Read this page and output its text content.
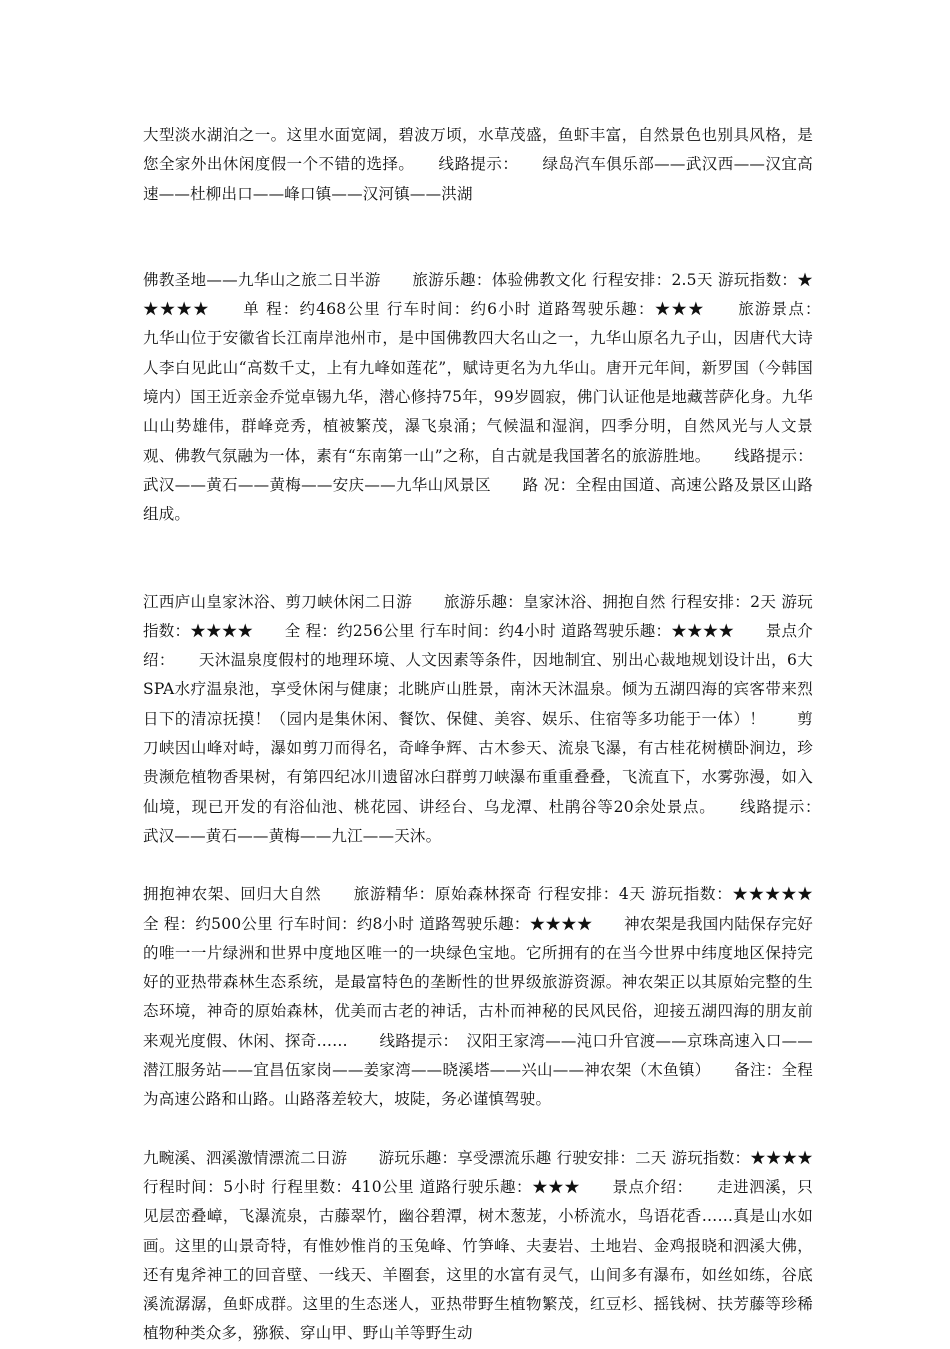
大型淡水湖泊之一。这里水面宽阔，碧波万顷，水草茂盛，鱼虾丰富，自然景色也别具风格，是您全家外出休闲度假一个不错的选择。　　线路提示：　　绿岛汽车俱乐部——武汉西——汉宜高速——杜柳出口——峰口镇——汉河镇——洪湖

佛教圣地——九华山之旅二日半游　　旅游乐趣：体验佛教文化 行程安排：2.5天 游玩指数：★★★★★　　单 程：约468公里 行车时间：约6小时 道路驾驶乐趣：★★★　　旅游景点：　　九华山位于安徽省长江南岸池州市，是中国佛教四大名山之一，九华山原名九子山，因唐代大诗人李白见此山“高数千丈，上有九峰如莲花”，赋诗更名为九华山。唐开元年间，新罗国（今韩国境内）国王近亲金乔觉卓锡九华，潜心修持75年，99岁圆寂，佛门认证他是地藏菩萨化身。九华山山势雄伟，群峰竞秀，植被繁茂，瀑飞泉涌；气候温和湿润，四季分明，自然风光与人文景观、佛教气氛融为一体，素有“东南第一山”之称，自古就是我国著名的旅游胜地。　　线路提示：武汉——黄石——黄梅——安庆——九华山风景区　　路 况：全程由国道、高速公路及景区山路组成。

江西庐山皇家沐浴、剪刀峡休闲二日游　　旅游乐趣：皇家沐浴、拥抱自然 行程安排：2天 游玩指数：★★★★　　全 程：约256公里 行车时间：约4小时 道路驾驶乐趣：★★★★　　景点介绍：　　天沐温泉度假村的地理环境、人文因素等条件，因地制宜、别出心裁地规划设计出，6大SPA水疗温泉池，享受休闲与健康；北眺庐山胜景，南沐天沐温泉。倾为五湖四海的宾客带来烈日下的清凉抚摸！（园内是集休闲、餐饮、保健、美容、娱乐、住宿等多功能于一体）！　　剪刀峡因山峰对峙，瀑如剪刀而得名，奇峰争辉、古木参天、流泉飞瀑，有古桂花树横卧涧边，珍贵濒危植物香果树，有第四纪冰川遗留冰臼群剪刀峡瀑布重重叠叠，飞流直下，水雾弥漫，如入仙境，现已开发的有浴仙池、桃花园、讲经台、乌龙潭、杜鹃谷等20余处景点。　　线路提示：　　武汉——黄石——黄梅——九江——天沐。

拥抱神农架、回归大自然　　旅游精华：原始森林探奇 行程安排：4天 游玩指数：★★★★★　　全 程：约500公里 行车时间：约8小时 道路驾驶乐趣：★★★★　　神农架是我国内陆保存完好的唯一一片绿洲和世界中度地区唯一的一块绿色宝地。它所拥有的在当今世界中纬度地区保持完好的亚热带森林生态系统，是最富特色的垄断性的世界级旅游资源。神农架正以其原始完整的生态环境，神奇的原始森林，优美而古老的神话，古朴而神秘的民风民俗，迎接五湖四海的朋友前来观光度假、休闲、探奇……　　线路提示：　汉阳王家湾——沌口升官渡——京珠高速入口——潜江服务站——宜昌伍家岗——姜家湾——晓溪塔——兴山——神农架（木鱼镇）　　备注：全程为高速公路和山路。山路落差较大，坡陡，务必谨慎驾驶。

九畹溪、泗溪激情漂流二日游　　游玩乐趣：享受漂流乐趣 行驶安排：二天 游玩指数：★★★★　　行程时间：5小时 行程里数：410公里 道路行驶乐趣：★★★　　景点介绍：　　走进泗溪，只见层峦叠嶂，飞瀑流泉，古藤翠竹，幽谷碧潭，树木葱茏，小桥流水，鸟语花香……真是山水如画。这里的山景奇特，有惟妙惟肖的玉兔峰、竹笋峰、夫妻岩、土地岩、金鸡报晓和泗溪大佛，还有鬼斧神工的回音壁、一线天、羊圈套，这里的水富有灵气，山间多有瀑布，如丝如练，谷底溪流潺潺，鱼虾成群。这里的生态迷人，亚热带野生植物繁茂，红豆杉、摇钱树、扶芳藤等珍稀植物种类众多，猕猴、穿山甲、野山羊等野生动
